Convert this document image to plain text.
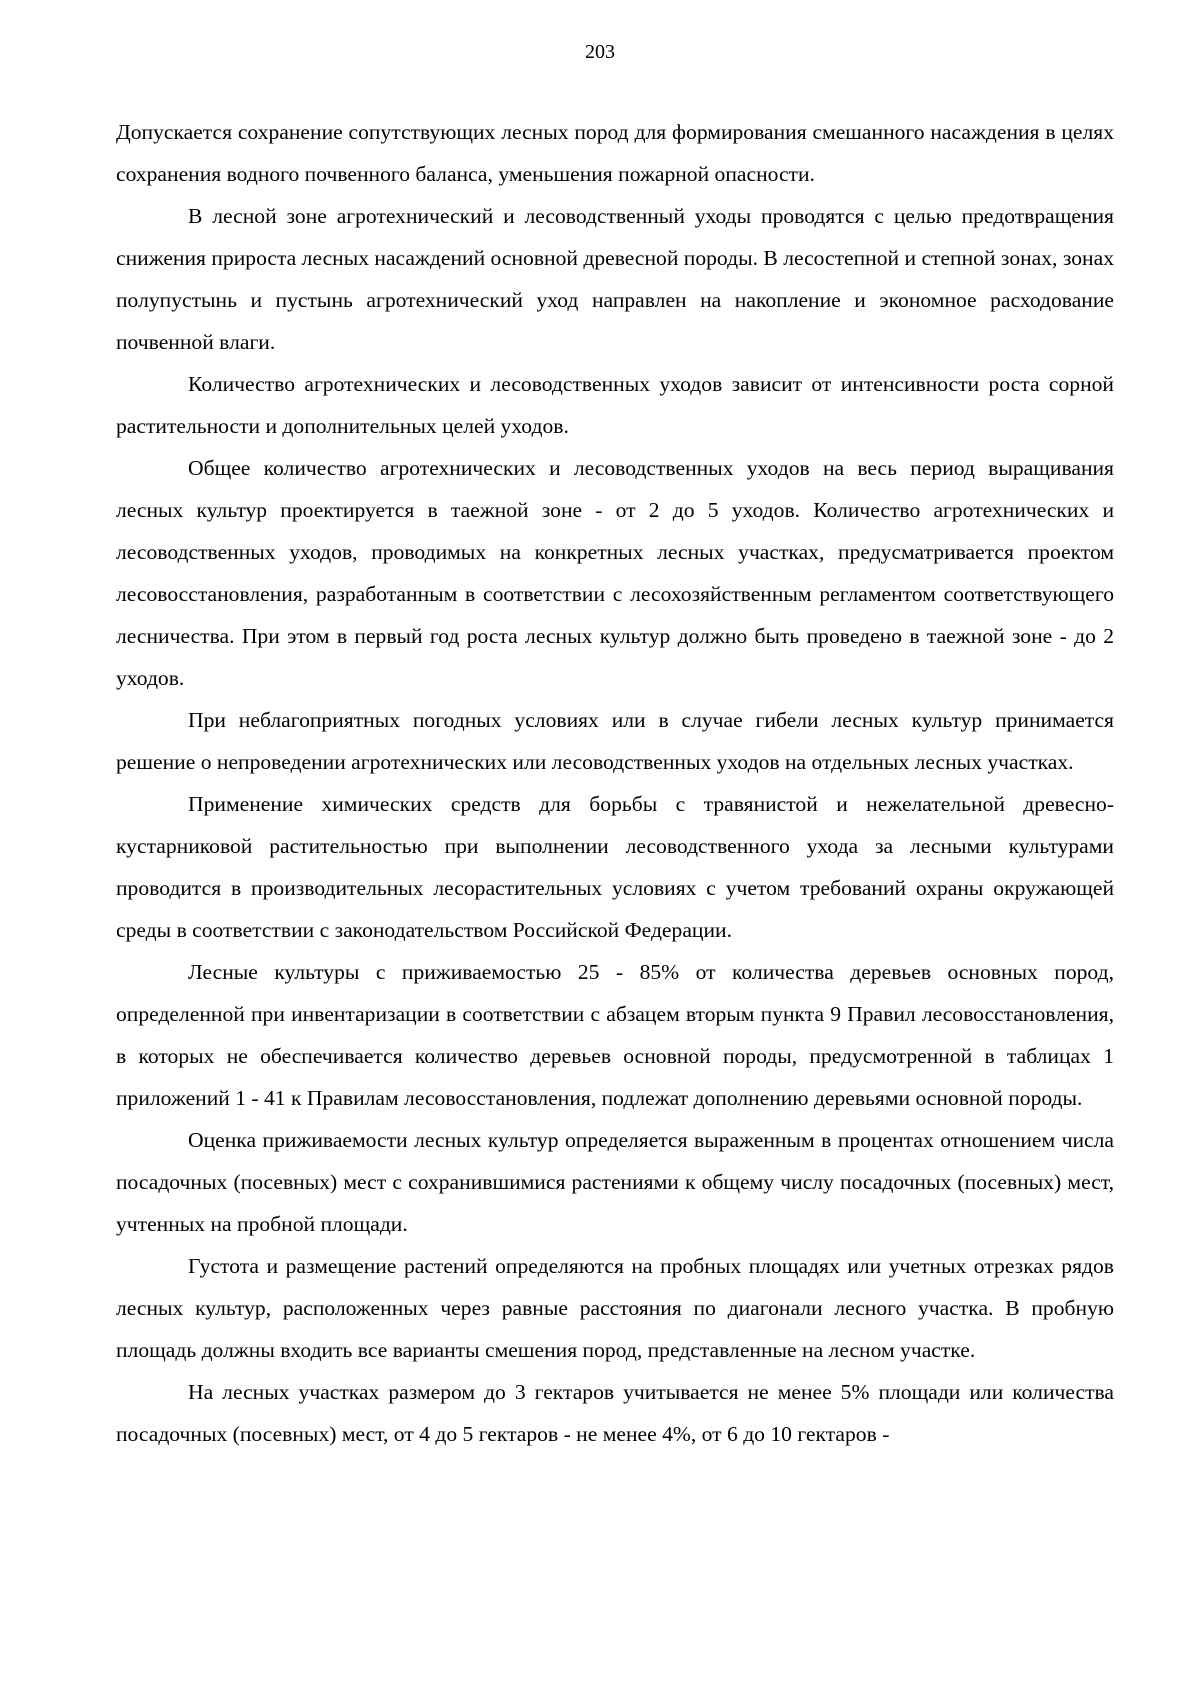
203

Допускается сохранение сопутствующих лесных пород для формирования смешанного насаждения в целях сохранения водного почвенного баланса, уменьшения пожарной опасности.

В лесной зоне агротехнический и лесоводственный уходы проводятся с целью предотвращения снижения прироста лесных насаждений основной древесной породы. В лесостепной и степной зонах, зонах полупустынь и пустынь агротехнический уход направлен на накопление и экономное расходование почвенной влаги.

Количество агротехнических и лесоводственных уходов зависит от интенсивности роста сорной растительности и дополнительных целей уходов.

Общее количество агротехнических и лесоводственных уходов на весь период выращивания лесных культур проектируется в таежной зоне - от 2 до 5 уходов. Количество агротехнических и лесоводственных уходов, проводимых на конкретных лесных участках, предусматривается проектом лесовосстановления, разработанным в соответствии с лесохозяйственным регламентом соответствующего лесничества. При этом в первый год роста лесных культур должно быть проведено в таежной зоне - до 2 уходов.

При неблагоприятных погодных условиях или в случае гибели лесных культур принимается решение о непроведении агротехнических или лесоводственных уходов на отдельных лесных участках.

Применение химических средств для борьбы с травянистой и нежелательной древесно-кустарниковой растительностью при выполнении лесоводственного ухода за лесными культурами проводится в производительных лесорастительных условиях с учетом требований охраны окружающей среды в соответствии с законодательством Российской Федерации.

Лесные культуры с приживаемостью 25 - 85% от количества деревьев основных пород, определенной при инвентаризации в соответствии с абзацем вторым пункта 9 Правил лесовосстановления, в которых не обеспечивается количество деревьев основной породы, предусмотренной в таблицах 1 приложений 1 - 41 к Правилам лесовосстановления, подлежат дополнению деревьями основной породы.

Оценка приживаемости лесных культур определяется выраженным в процентах отношением числа посадочных (посевных) мест с сохранившимися растениями к общему числу посадочных (посевных) мест, учтенных на пробной площади.

Густота и размещение растений определяются на пробных площадях или учетных отрезках рядов лесных культур, расположенных через равные расстояния по диагонали лесного участка. В пробную площадь должны входить все варианты смешения пород, представленные на лесном участке.

На лесных участках размером до 3 гектаров учитывается не менее 5% площади или количества посадочных (посевных) мест, от 4 до 5 гектаров - не менее 4%, от 6 до 10 гектаров -
